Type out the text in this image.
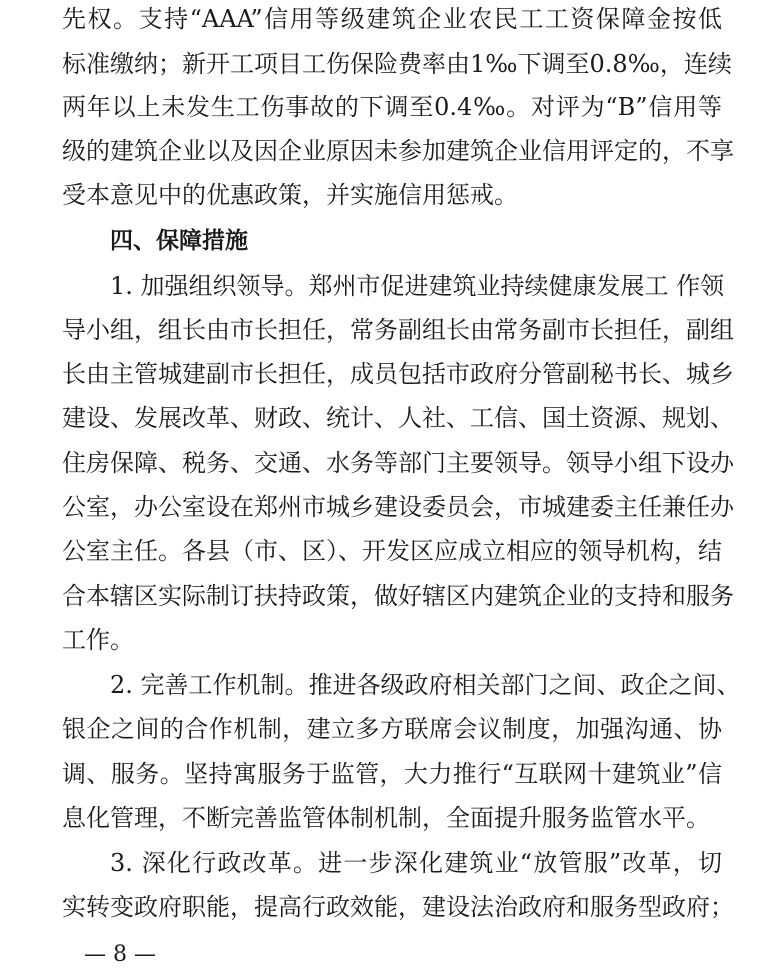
先权。支持“AAA”信用等级建筑企业农民工工资保障金按低
标准缴纳；新开工项目工伤保险费率由1‰下调至0.8‰，连续
两年以上未发生工伤事故的下调至0.4‰。对评为“B”信用等
级的建筑企业以及因企业原因未参加建筑企业信用评定的，不享
受本意见中的优惠政策，并实施信用惩戒。
四、保障措施
1. 加强组织领导。郑州市促进建筑业持续健康发展工 作领
导小组，组长由市长担任，常务副组长由常务副市长担任，副组
长由主管城建副市长担任，成员包括市政府分管副秘书长、城乡
建设、发展改革、财政、统计、人社、工信、国土资源、规划、
住房保障、税务、交通、水务等部门主要领导。领导小组下设办
公室，办公室设在郑州市城乡建设委员会，市城建委主任兼任办
公室主任。各县（市、区）、开发区应成立相应的领导机构，结
合本辖区实际制订扶持政策，做好辖区内建筑企业的支持和服务
工作。
2. 完善工作机制。推进各级政府相关部门之间、政企之间、
银企之间的合作机制，建立多方联席会议制度，加强沟通、协
调、服务。坚持寓服务于监管，大力推行“互联网十建筑业”信
息化管理，不断完善监管体制机制，全面提升服务监管水平。
3. 深化行政改革。进一步深化建筑业“放管服”改革，切
实转变政府职能，提高行政效能，建设法治政府和服务型政府；
— 8 —
